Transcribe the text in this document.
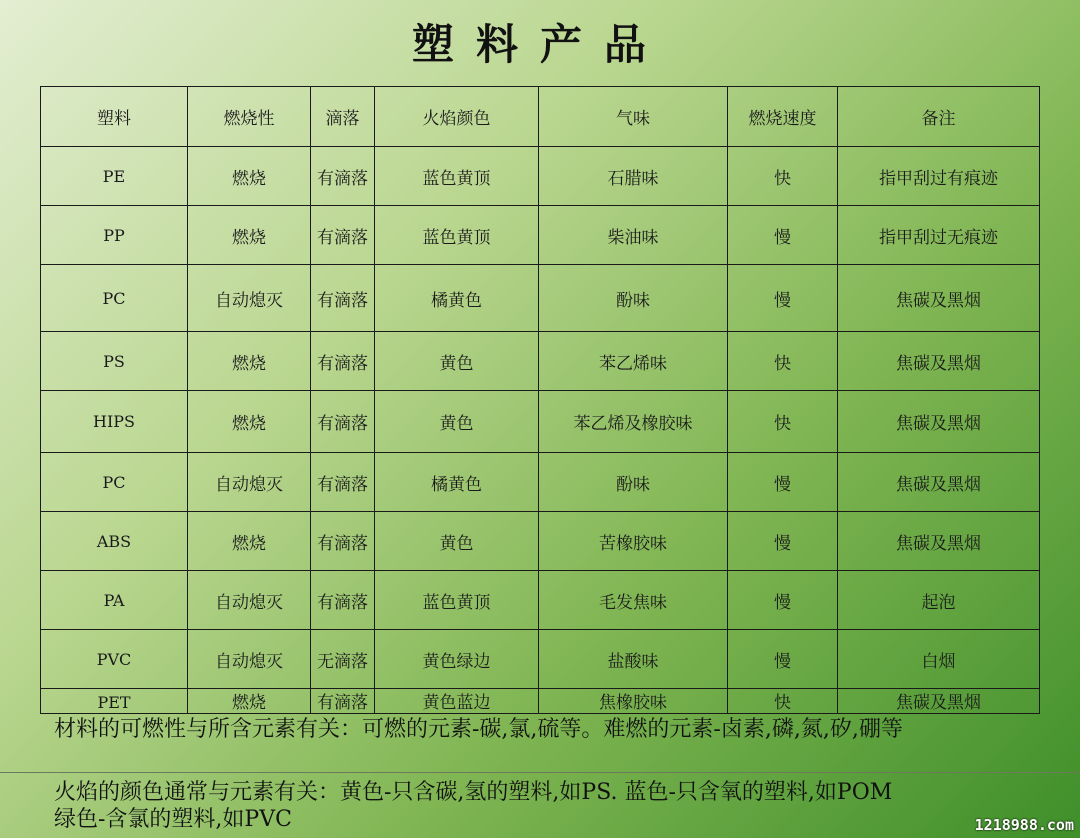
塑料产品
塑料	燃烧性	滴落	火焰颜色	气味	燃烧速度	备注
PE	燃烧	有滴落	蓝色黄顶	石腊味	快	指甲刮过有痕迹
PP	燃烧	有滴落	蓝色黄顶	柴油味	慢	指甲刮过无痕迹
PC	自动熄灭	有滴落	橘黄色	酚味	慢	焦碳及黑烟
PS	燃烧	有滴落	黄色	苯乙烯味	快	焦碳及黑烟
HIPS	燃烧	有滴落	黄色	苯乙烯及橡胶味	快	焦碳及黑烟
PC	自动熄灭	有滴落	橘黄色	酚味	慢	焦碳及黑烟
ABS	燃烧	有滴落	黄色	苦橡胶味	慢	焦碳及黑烟
PA	自动熄灭	有滴落	蓝色黄顶	毛发焦味	慢	起泡
PVC	自动熄灭	无滴落	黄色绿边	盐酸味	慢	白烟
PET	燃烧	有滴落	黄色蓝边	焦橡胶味	快	焦碳及黑烟
材料的可燃性与所含元素有关：可燃的元素-碳,氯,硫等。难燃的元素-卤素,磷,氮,矽,硼等
火焰的颜色通常与元素有关：黄色-只含碳,氢的塑料,如PS. 蓝色-只含氧的塑料,如POM
绿色-含氯的塑料,如PVC	1218988.com
